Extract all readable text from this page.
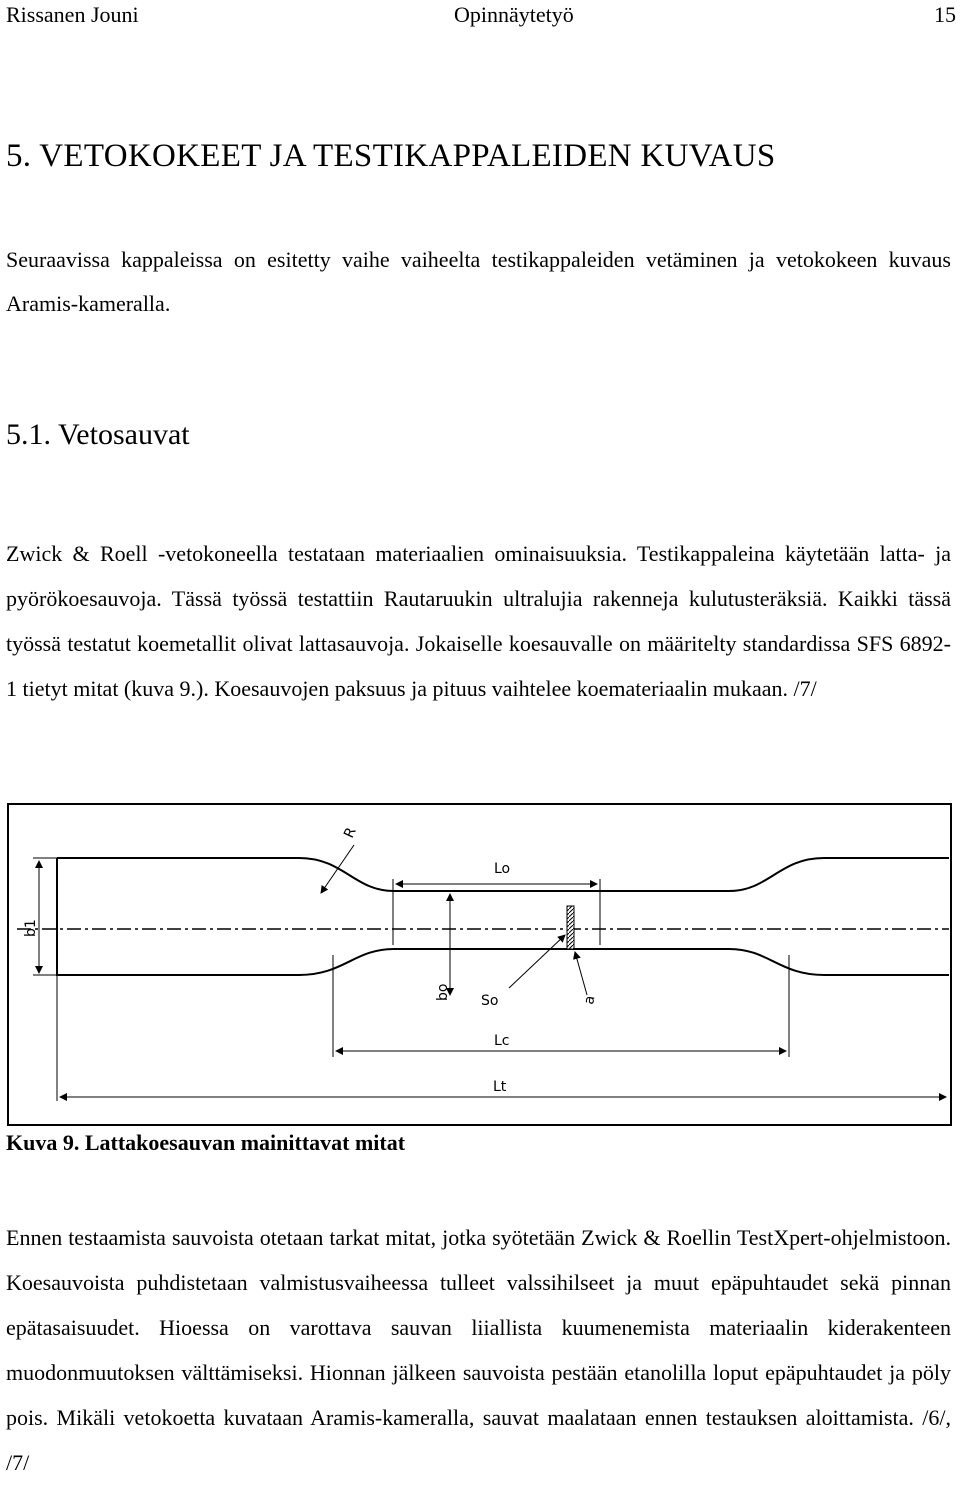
Rissanen Jouni	Opinnäytetyö	15
5. VETOKOKEET JA TESTIKAPPALEIDEN KUVAUS

Seuraavissa kappaleissa on esitetty vaihe vaiheelta testikappaleiden vetäminen ja vetokokeen kuvaus Aramis-kameralla.

5.1. Vetosauvat

Zwick & Roell -vetokoneella testataan materiaalien ominaisuuksia. Testikappaleina käytetään latta- ja pyörökoesauvoja. Tässä työssä testattiin Rautaruukin ultralujia rakenneja kulutusteräksiä. Kaikki tässä työssä testatut koemetallit olivat lattasauvoja. Jokaiselle koesauvalle on määritelty standardissa SFS 6892-1 tietyt mitat (kuva 9.). Koesauvojen paksuus ja pituus vaihtelee koemateriaalin mukaan. /7/

b1
R
Lo
bo So	a
Lc
Lt

Kuva 9. Lattakoesauvan mainittavat mitat

Ennen testaamista sauvoista otetaan tarkat mitat, jotka syötetään Zwick & Roellin TestXpert-ohjelmistoon. Koesauvoista puhdistetaan valmistusvaiheessa tulleet valssihilseet ja muut epäpuhtaudet sekä pinnan epätasaisuudet. Hioessa on varottava sauvan liiallista kuumenemista materiaalin kiderakenteen muodonmuutoksen välttämiseksi. Hionnan jälkeen sauvoista pestään etanolilla loput epäpuhtaudet ja pöly pois. Mikäli vetokoetta kuvataan Aramis-kameralla, sauvat maalataan ennen testauksen aloittamista. /6/, /7/
